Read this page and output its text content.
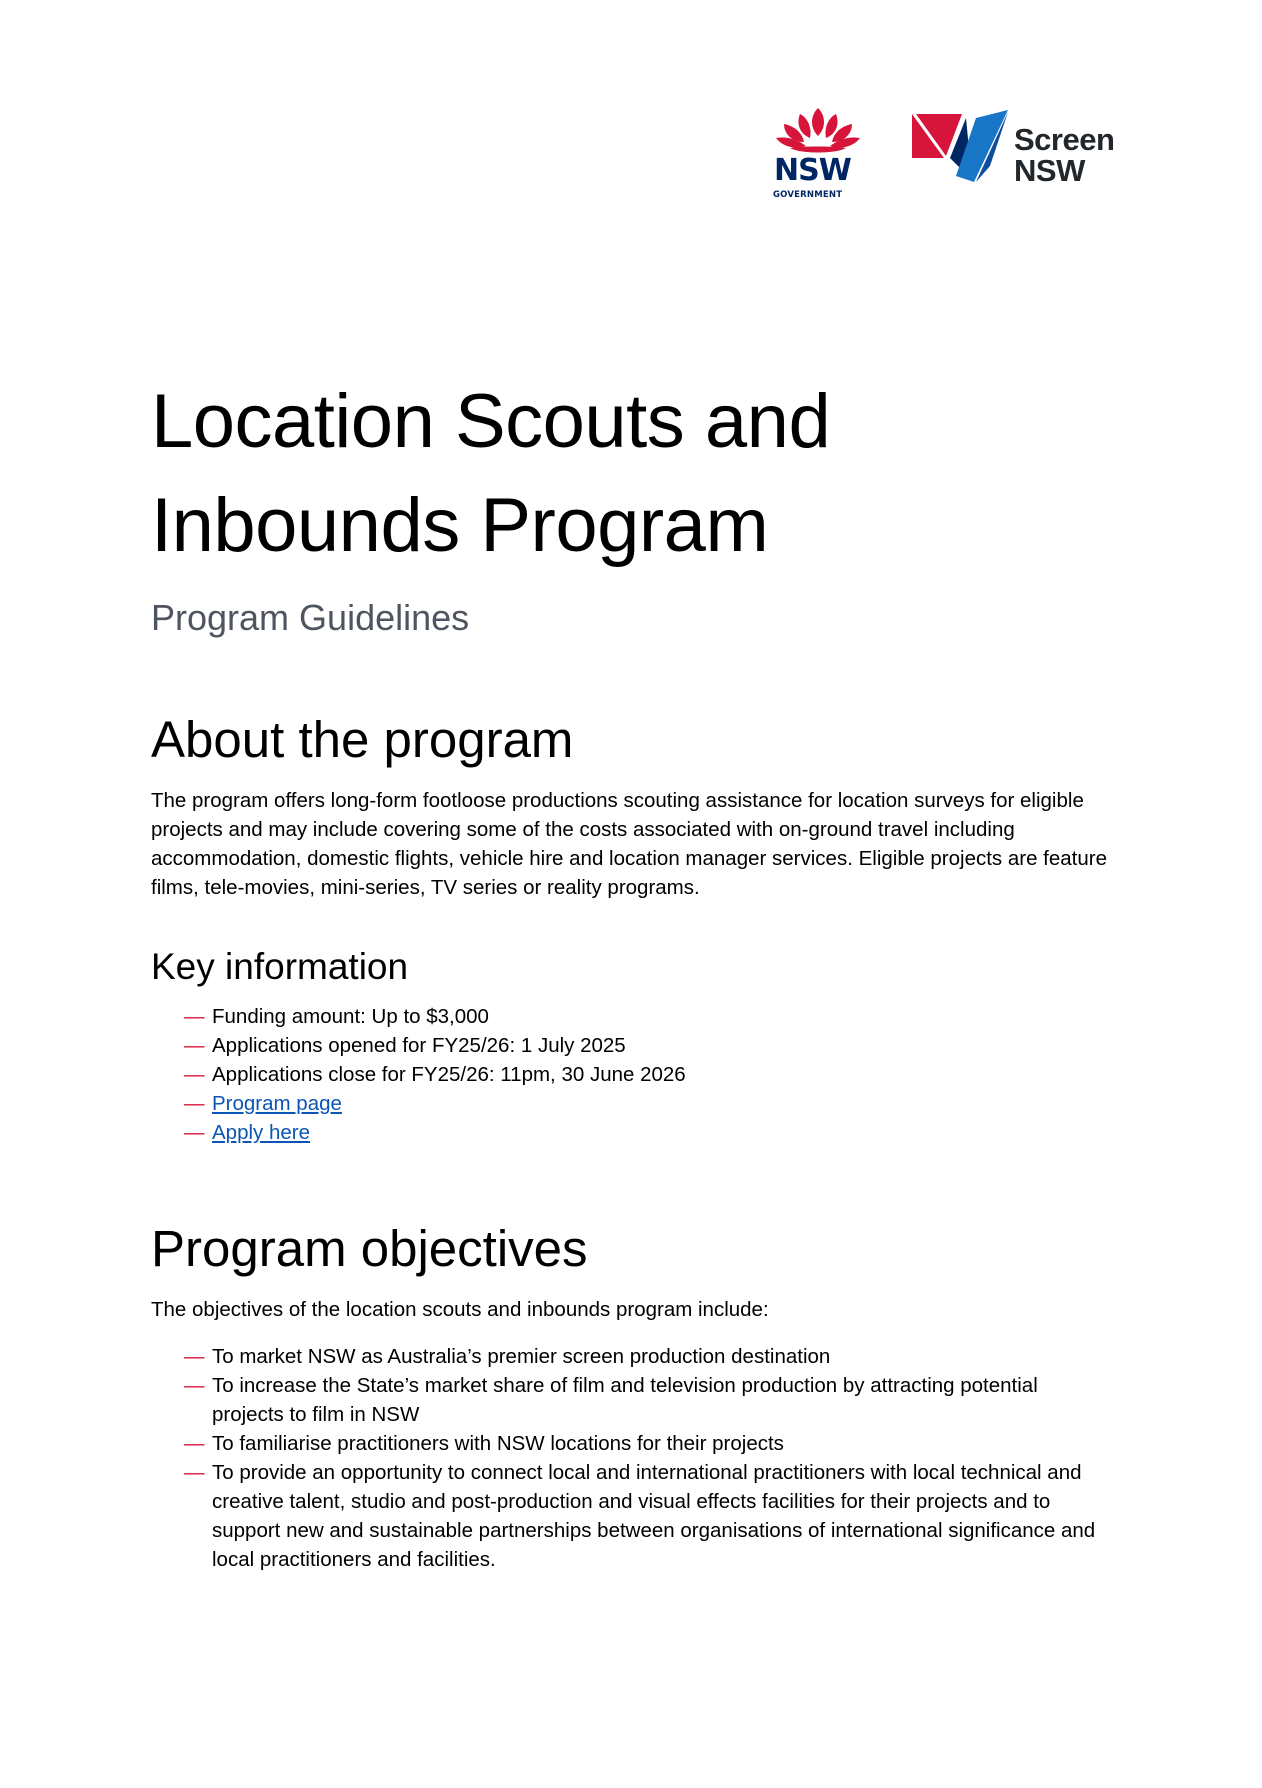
NSW
GOVERNMENT
Screen
NSW
Location Scouts and
Inbounds Program
Program Guidelines
About the program

The program offers long-form footloose productions scouting assistance for location surveys for eligible projects and may include covering some of the costs associated with on-ground travel including accommodation, domestic flights, vehicle hire and location manager services. Eligible projects are feature films, tele-movies, mini-series, TV series or reality programs.

Key information
— Funding amount: Up to $3,000
— Applications opened for FY25/26: 1 July 2025
— Applications close for FY25/26: 11pm, 30 June 2026
— Program page
— Apply here
Program objectives

The objectives of the location scouts and inbounds program include:

— To market NSW as Australia’s premier screen production destination
— To increase the State’s market share of film and television production by attracting potential projects to film in NSW
— To familiarise practitioners with NSW locations for their projects
— To provide an opportunity to connect local and international practitioners with local technical and creative talent, studio and post-production and visual effects facilities for their projects and to support new and sustainable partnerships between organisations of international significance and local practitioners and facilities.
